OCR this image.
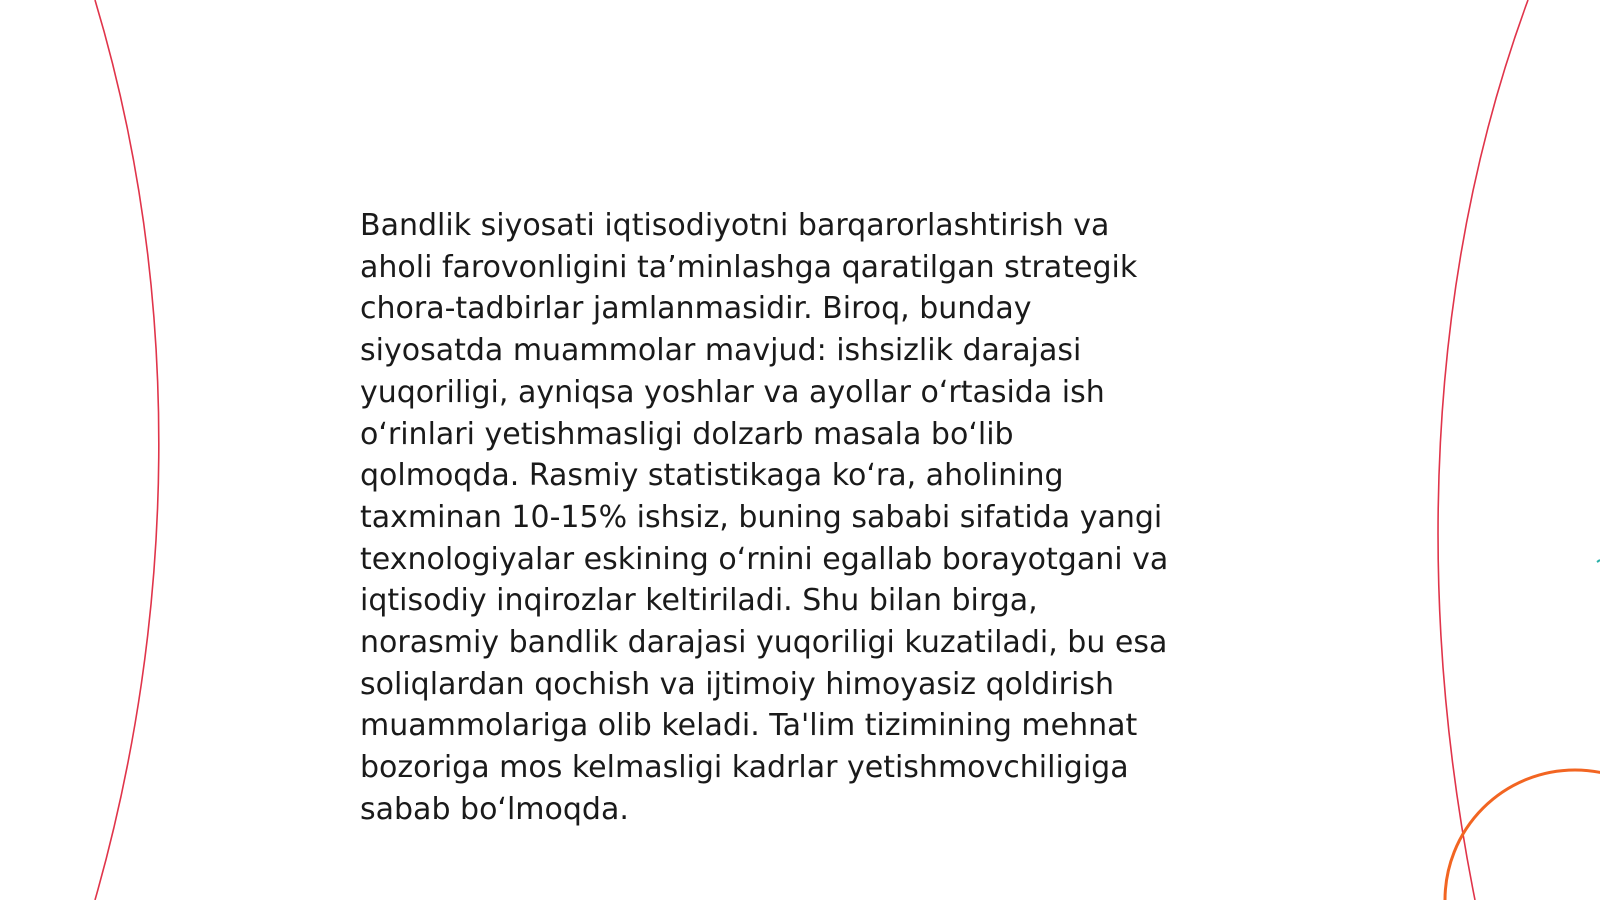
Bandlik siyosati iqtisodiyotni barqarorlashtirish va
aholi farovonligini ta’minlashga qaratilgan strategik
chora-tadbirlar jamlanmasidir. Biroq, bunday
siyosatda muammolar mavjud: ishsizlik darajasi
yuqoriligi, ayniqsa yoshlar va ayollar oʻrtasida ish
oʻrinlari yetishmasligi dolzarb masala boʻlib
qolmoqda. Rasmiy statistikaga koʻra, aholining
taxminan 10-15% ishsiz, buning sababi sifatida yangi
texnologiyalar eskining oʻrnini egallab borayotgani va
iqtisodiy inqirozlar keltiriladi. Shu bilan birga,
norasmiy bandlik darajasi yuqoriligi kuzatiladi, bu esa
soliqlardan qochish va ijtimoiy himoyasiz qoldirish
muammolariga olib keladi. Ta'lim tizimining mehnat
bozoriga mos kelmasligi kadrlar yetishmovchiligiga
sabab boʻlmoqda.
